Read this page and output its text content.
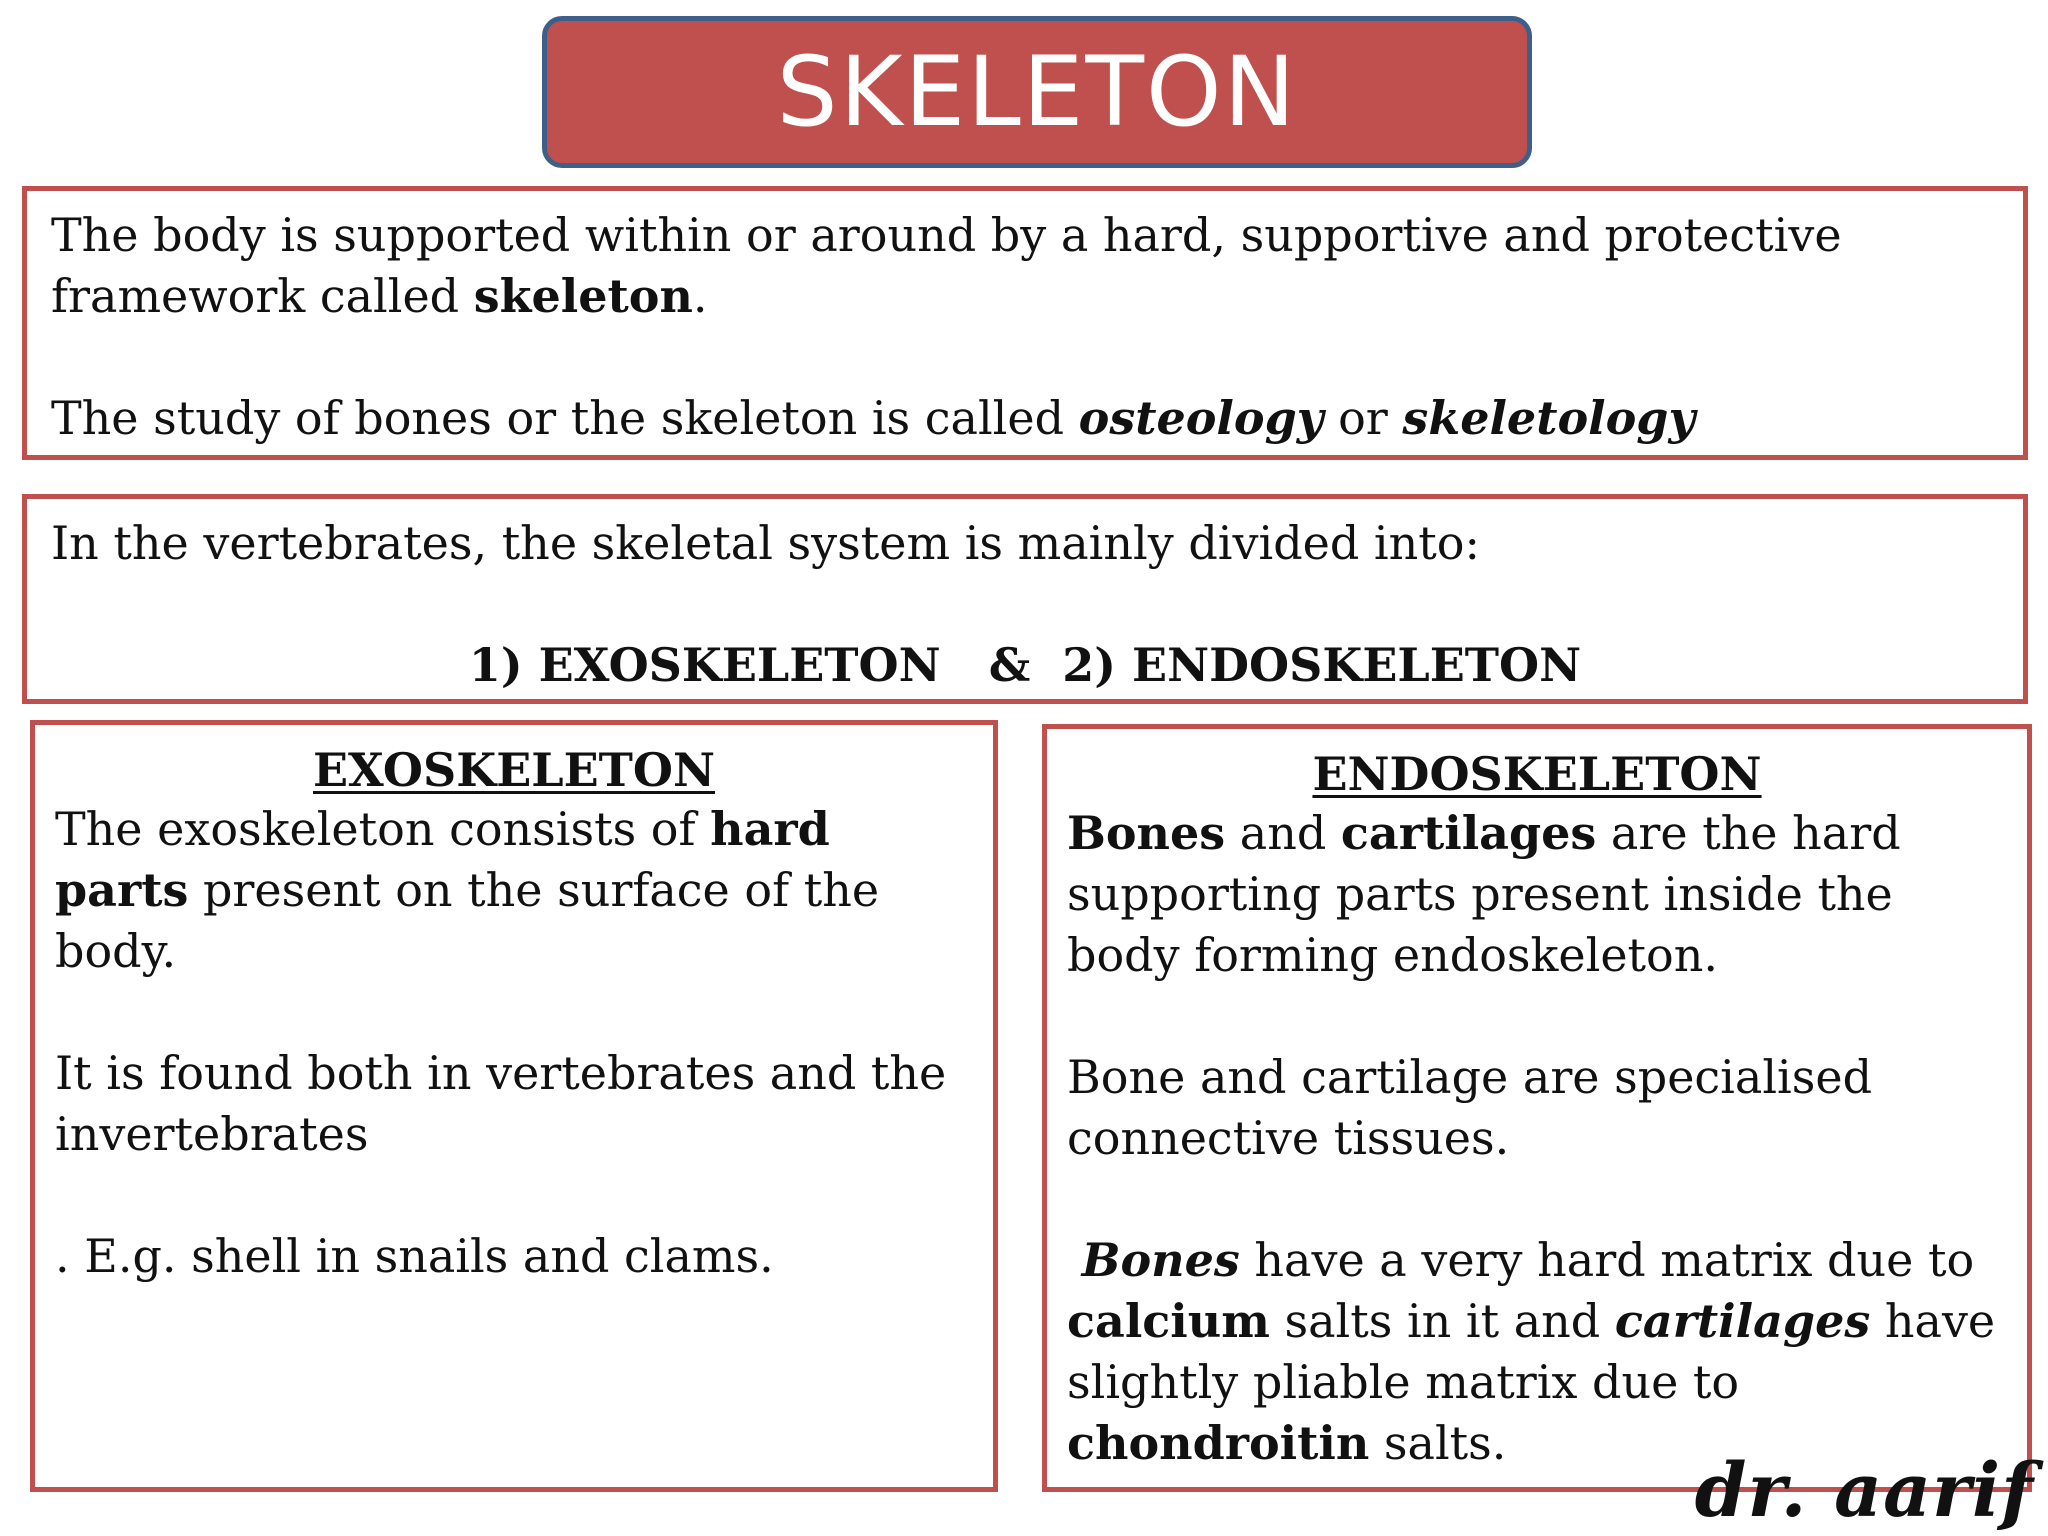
SKELETON

The body is supported within or around by a hard, supportive and protective framework called skeleton.

The study of bones or the skeleton is called osteology or skeletology

In the vertebrates, the skeletal system is mainly divided into:

1) EXOSKELETON   &  2) ENDOSKELETON

EXOSKELETON

The exoskeleton consists of hard parts present on the surface of the body.

It is found both in vertebrates and the invertebrates

. E.g. shell in snails and clams.

ENDOSKELETON

Bones and cartilages are the hard supporting parts present inside the body forming endoskeleton.

Bone and cartilage are specialised connective tissues.

Bones have a very hard matrix due to calcium salts in it and cartilages have slightly pliable matrix due to chondroitin salts.

dr. aarif
